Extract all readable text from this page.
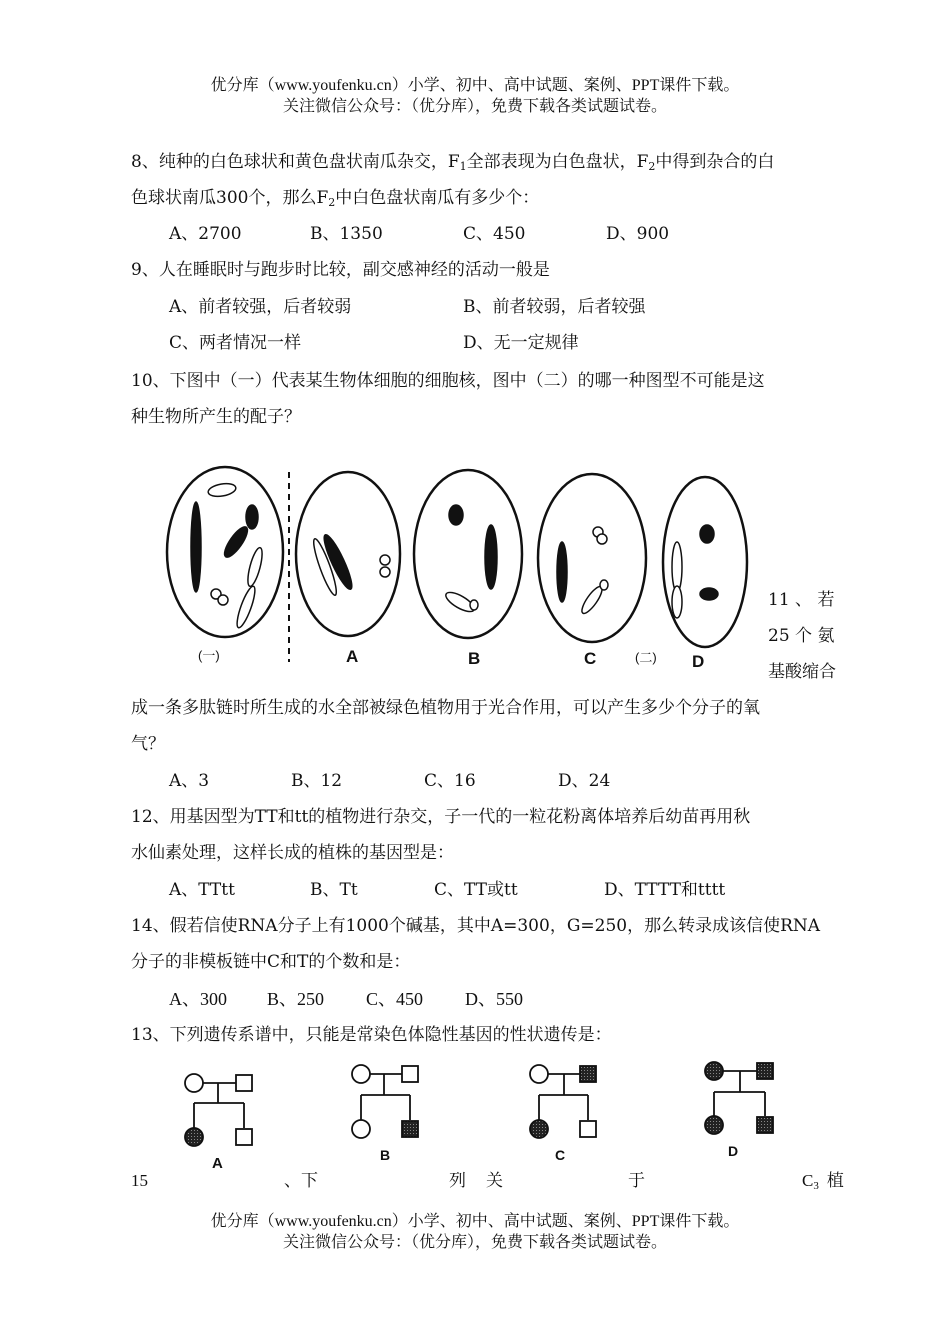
优分库（www.youfenku.cn）小学、初中、高中试题、案例、PPT课件下载。
关注微信公众号：（优分库），免费下载各类试题试卷。
8、纯种的白色球状和黄色盘状南瓜杂交，$F_1$全部表现为白色盘状，$F_2$中得到杂合的白
色球状南瓜300个，那么$F_2$中白色盘状南瓜有多少个：
A、2700	B、1350	C、450	D、900
9、人在睡眠时与跑步时比较，副交感神经的活动一般是
A、前者较强，后者较弱	B、前者较弱，后者较强
C、两者情况一样	D、无一定规律
10、下图中（一）代表某生物体细胞的细胞核，图中（二）的哪一种图型不可能是这
种生物所产生的配子？
(一)	A	B	C	(二) D
11 、 若
25 个 氨
基酸缩合
成一条多肽链时所生成的水全部被绿色植物用于光合作用，可以产生多少个分子的氧
气？
A、3	B、12	C、16	D、24
12、用基因型为TT和tt的植物进行杂交，子一代的一粒花粉离体培养后幼苗再用秋
水仙素处理，这样长成的植株的基因型是：
A、TTtt	B、Tt	C、TT或tt	D、TTTT和tttt
14、假若信使RNA分子上有1000个碱基，其中A=300，G=250，那么转录成该信使RNA
分子的非模板链中C和T的个数和是：
A、300 B、250 C、450 D、550
13、下列遗传系谱中，只能是常染色体隐性基因的性状遗传是：
A	B	C	D
15	、下	列 关	于	$C_3$ 植
优分库（www.youfenku.cn）小学、初中、高中试题、案例、PPT课件下载。
关注微信公众号：（优分库），免费下载各类试题试卷。
